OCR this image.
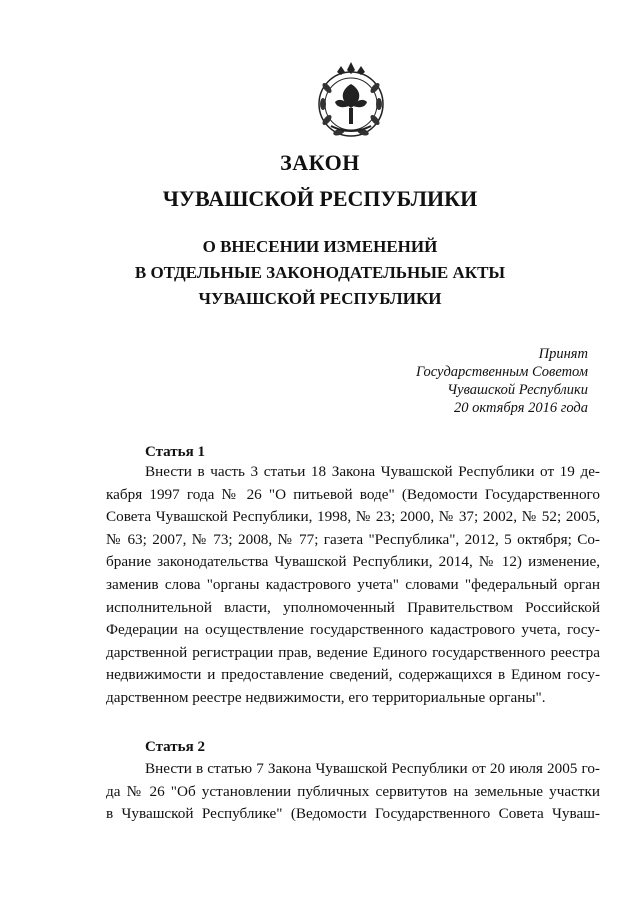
ЗАКОН
ЧУВАШСКОЙ РЕСПУБЛИКИ
О ВНЕСЕНИИ ИЗМЕНЕНИЙ
В ОТДЕЛЬНЫЕ ЗАКОНОДАТЕЛЬНЫЕ АКТЫ
ЧУВАШСКОЙ РЕСПУБЛИКИ
Принят
Государственным Советом
Чувашской Республики
20 октября 2016 года
Статья 1
Внести в часть 3 статьи 18 Закона Чувашской Республики от 19 де-
кабря 1997 года № 26 "О питьевой воде" (Ведомости Государственного
Совета Чувашской Республики, 1998, № 23; 2000, № 37; 2002, № 52; 2005,
№ 63; 2007, № 73; 2008, № 77; газета "Республика", 2012, 5 октября; Со-
брание законодательства Чувашской Республики, 2014, № 12) изменение,
заменив слова "органы кадастрового учета" словами "федеральный орган
исполнительной власти, уполномоченный Правительством Российской
Федерации на осуществление государственного кадастрового учета, госу-
дарственной регистрации прав, ведение Единого государственного реестра
недвижимости и предоставление сведений, содержащихся в Едином госу-
дарственном реестре недвижимости, его территориальные органы".
Статья 2
Внести в статью 7 Закона Чувашской Республики от 20 июля 2005 го-
да № 26 "Об установлении публичных сервитутов на земельные участки
в Чувашской Республике" (Ведомости Государственного Совета Чуваш-
